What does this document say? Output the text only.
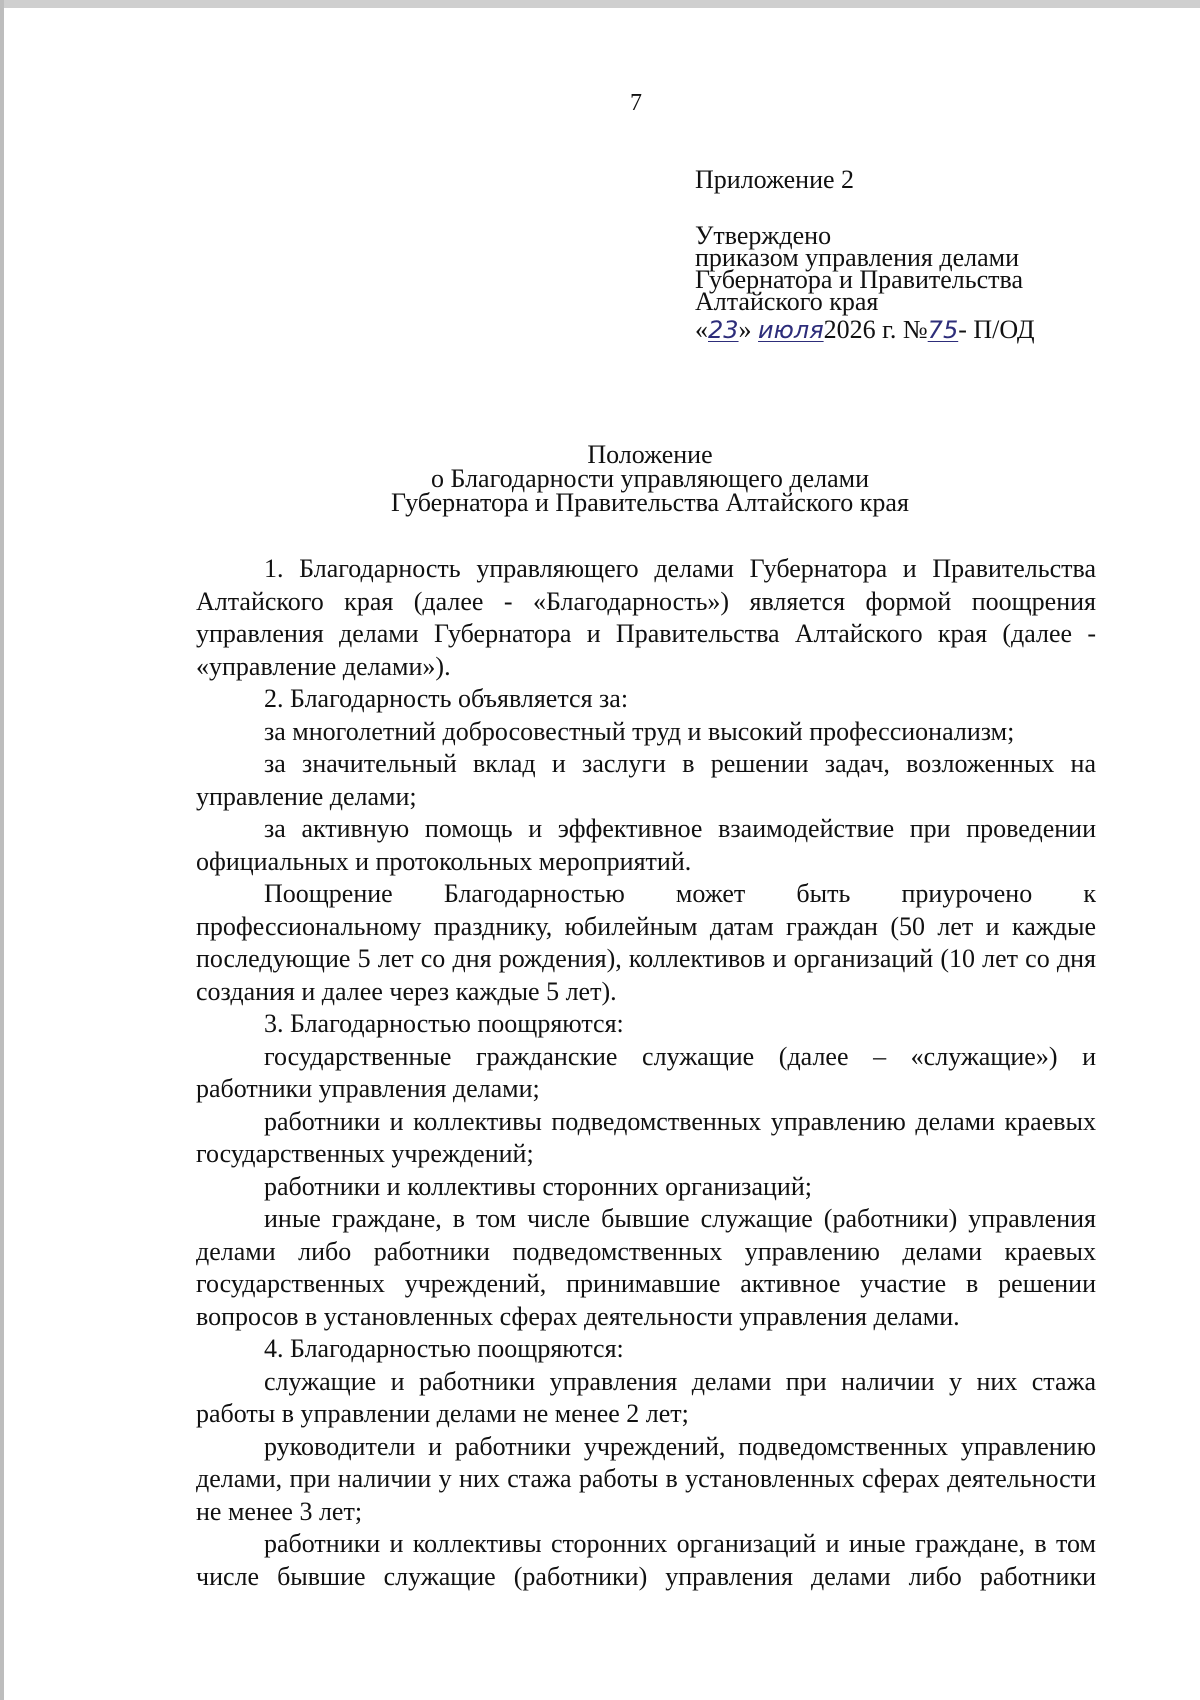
7
Приложение 2
Утверждено
приказом управления делами
Губернатора и Правительства
Алтайского края
«23» июля2026 г. №75- П/ОД
Положение
о Благодарности управляющего делами
Губернатора и Правительства Алтайского края

1. Благодарность управляющего делами Губернатора и Правительства Алтайского края (далее - «Благодарность») является формой поощрения управления делами Губернатора и Правительства Алтайского края (далее - «управление делами»).

2. Благодарность объявляется за:

за многолетний добросовестный труд и высокий профессионализм;

за значительный вклад и заслуги в решении задач, возложенных на управление делами;

за активную помощь и эффективное взаимодействие при проведении официальных и протокольных мероприятий.

Поощрение Благодарностью может быть приурочено к профессиональному празднику, юбилейным датам граждан (50 лет и каждые последующие 5 лет со дня рождения), коллективов и организаций (10 лет со дня создания и далее через каждые 5 лет).

3. Благодарностью поощряются:

государственные гражданские служащие (далее – «служащие») и работники управления делами;

работники и коллективы подведомственных управлению делами краевых государственных учреждений;

работники и коллективы сторонних организаций;

иные граждане, в том числе бывшие служащие (работники) управления делами либо работники подведомственных управлению делами краевых государственных учреждений, принимавшие активное участие в решении вопросов в установленных сферах деятельности управления делами.

4. Благодарностью поощряются:

служащие и работники управления делами при наличии у них стажа работы в управлении делами не менее 2 лет;

руководители и работники учреждений, подведомственных управлению делами, при наличии у них стажа работы в установленных сферах деятельности не менее 3 лет;

работники и коллективы сторонних организаций и иные граждане, в том числе бывшие служащие (работники) управления делами либо работники
